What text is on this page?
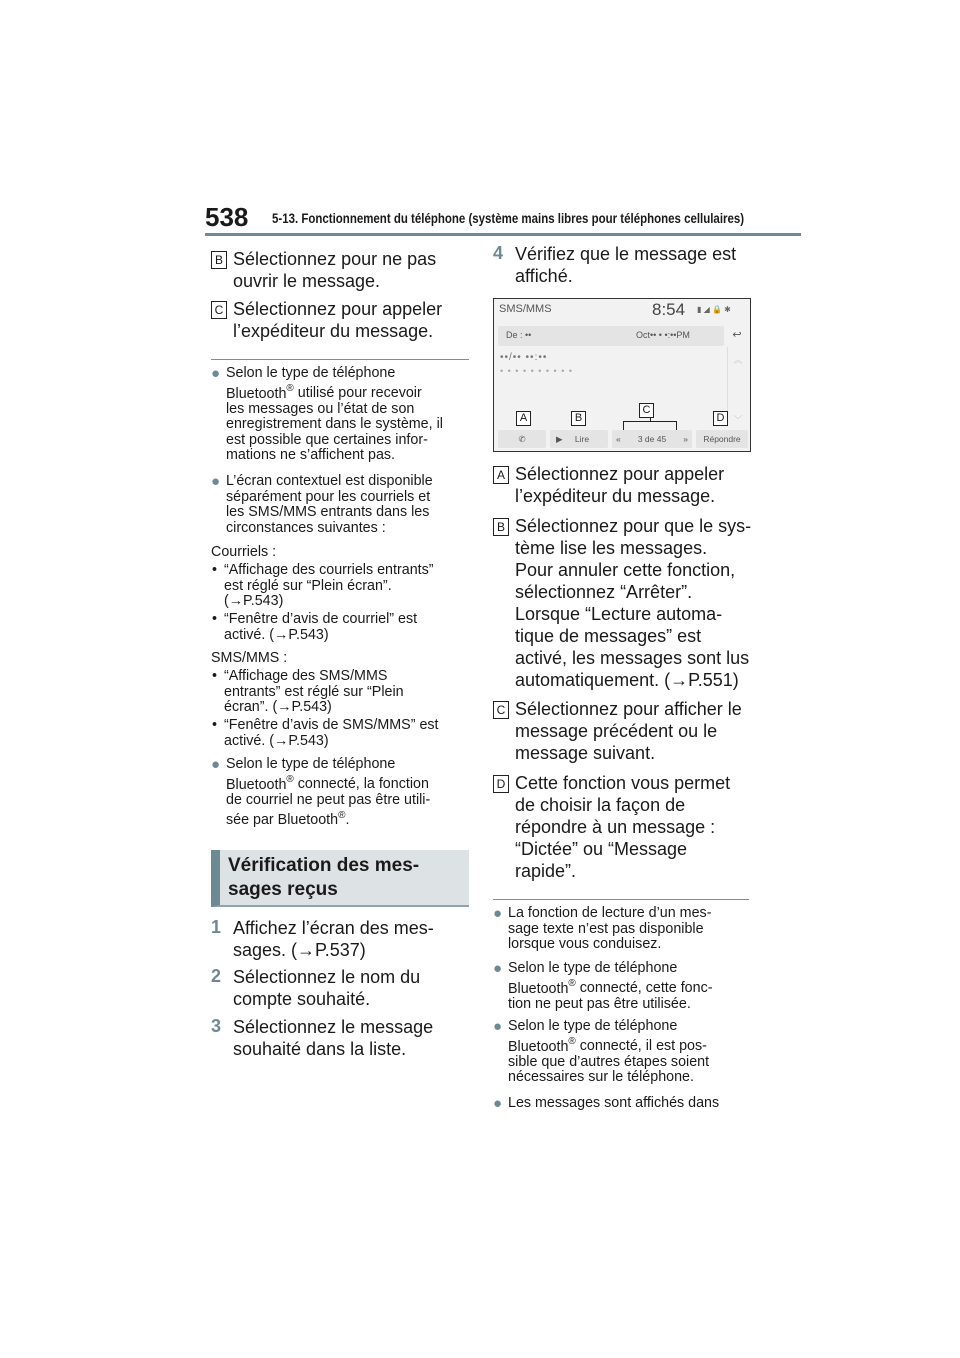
538 5-13. Fonctionnement du téléphone (système mains libres pour téléphones cellulaires)
B Sélectionnez pour ne pas
ouvrir le message.
C Sélectionnez pour appeler
l’expéditeur du message.
● Selon le type de téléphone
Bluetooth® utilisé pour recevoir
les messages ou l’état de son
enregistrement dans le système, il
est possible que certaines infor-
mations ne s’affichent pas.
● L’écran contextuel est disponible
séparément pour les courriels et
les SMS/MMS entrants dans les
circonstances suivantes :
Courriels :
• “Affichage des courriels entrants”
est réglé sur “Plein écran”.
(→P.543)
• “Fenêtre d’avis de courriel” est
activé. (→P.543)
SMS/MMS :
• “Affichage des SMS/MMS
entrants” est réglé sur “Plein
écran”. (→P.543)
• “Fenêtre d’avis de SMS/MMS” est
activé. (→P.543)
● Selon le type de téléphone
Bluetooth® connecté, la fonction
de courriel ne peut pas être utili-
sée par Bluetooth®.
Vérification des mes-
sages reçus
1 Affichez l’écran des mes-
sages. (→P.537)
2 Sélectionnez le nom du
compte souhaité.
3 Sélectionnez le message
souhaité dans la liste.
4 Vérifiez que le message est
affiché.
SMS/MMS	8:54 ▮ ◢ 🔒 ✱
De : ••	Oct•• • •:••PM	↩
••/•• ••:••
• • • • • • • • • •
︽
﹀
✆	▶ Lire	« 3 de 45 »	Répondre
A	B
C
D
A Sélectionnez pour appeler
l’expéditeur du message.
B Sélectionnez pour que le sys-
tème lise les messages.
Pour annuler cette fonction,
sélectionnez “Arrêter”.
Lorsque “Lecture automa-
tique de messages” est
activé, les messages sont lus
automatiquement. (→P.551)
C Sélectionnez pour afficher le
message précédent ou le
message suivant.
D Cette fonction vous permet
de choisir la façon de
répondre à un message :
“Dictée” ou “Message
rapide”.
● La fonction de lecture d’un mes-
sage texte n’est pas disponible
lorsque vous conduisez.
● Selon le type de téléphone
Bluetooth® connecté, cette fonc-
tion ne peut pas être utilisée.
● Selon le type de téléphone
Bluetooth® connecté, il est pos-
sible que d’autres étapes soient
nécessaires sur le téléphone.
● Les messages sont affichés dans
